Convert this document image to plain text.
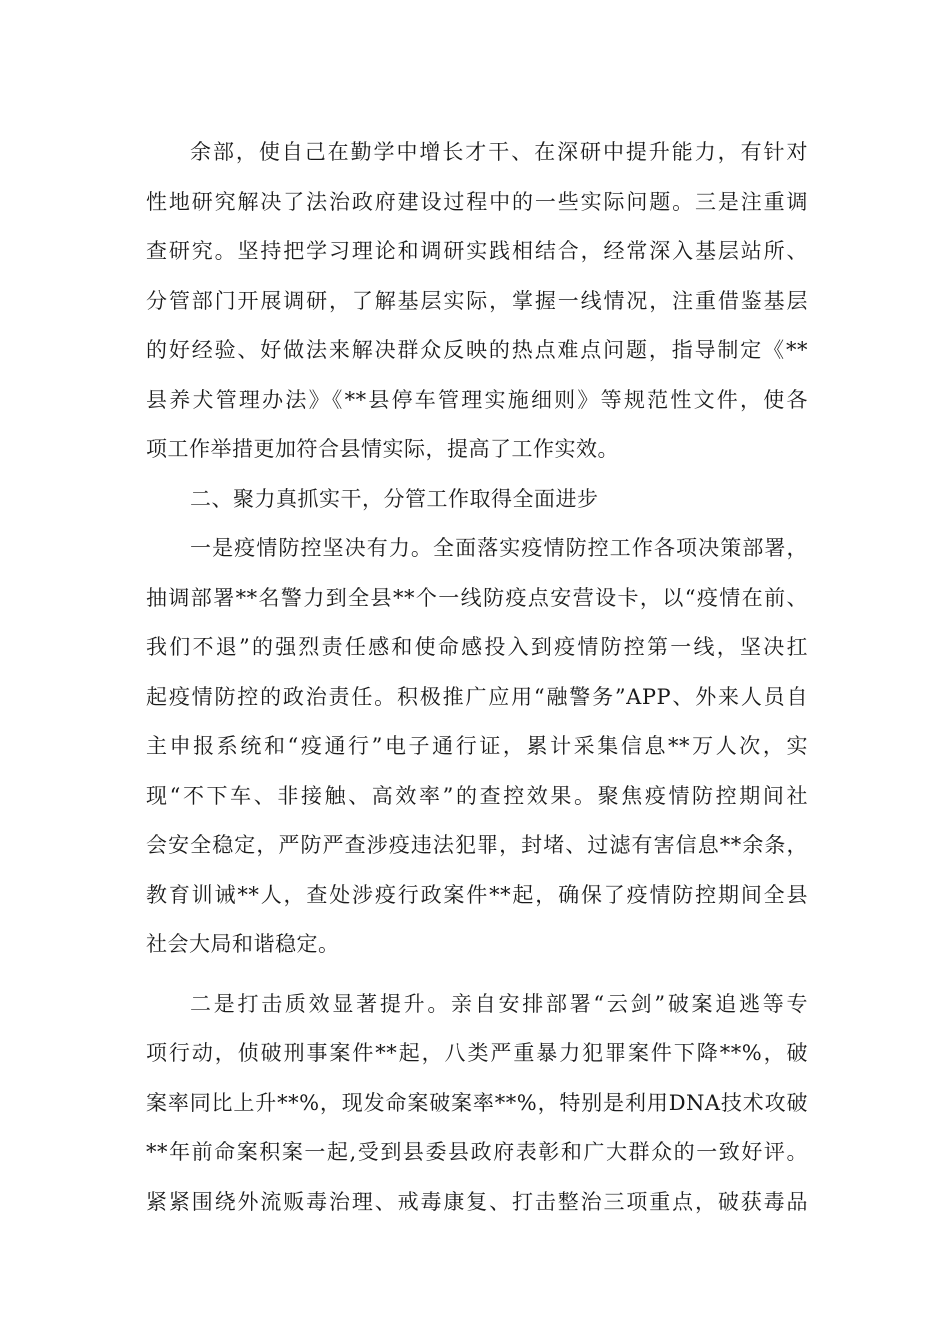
余部，使自己在勤学中增长才干、在深研中提升能力，有针对
性地研究解决了法治政府建设过程中的一些实际问题。三是注重调
查研究。坚持把学习理论和调研实践相结合，经常深入基层站所、
分管部门开展调研，了解基层实际，掌握一线情况，注重借鉴基层
的好经验、好做法来解决群众反映的热点难点问题，指导制定《**
县养犬管理办法》《**县停车管理实施细则》等规范性文件，使各
项工作举措更加符合县情实际，提高了工作实效。
二、聚力真抓实干，分管工作取得全面进步
一是疫情防控坚决有力。全面落实疫情防控工作各项决策部署，
抽调部署**名警力到全县**个一线防疫点安营设卡，以“疫情在前、
我们不退”的强烈责任感和使命感投入到疫情防控第一线，坚决扛
起疫情防控的政治责任。积极推广应用“融警务”APP、外来人员自
主申报系统和“疫通行”电子通行证，累计采集信息**万人次，实
现“不下车、非接触、高效率”的查控效果。聚焦疫情防控期间社
会安全稳定，严防严查涉疫违法犯罪，封堵、过滤有害信息**余条，
教育训诫**人，查处涉疫行政案件**起，确保了疫情防控期间全县
社会大局和谐稳定。
二是打击质效显著提升。亲自安排部署“云剑”破案追逃等专
项行动，侦破刑事案件**起，八类严重暴力犯罪案件下降**%，破
案率同比上升**%，现发命案破案率**%，特别是利用DNA技术攻破
**年前命案积案一起,受到县委县政府表彰和广大群众的一致好评。
紧紧围绕外流贩毒治理、戒毒康复、打击整治三项重点，破获毒品
